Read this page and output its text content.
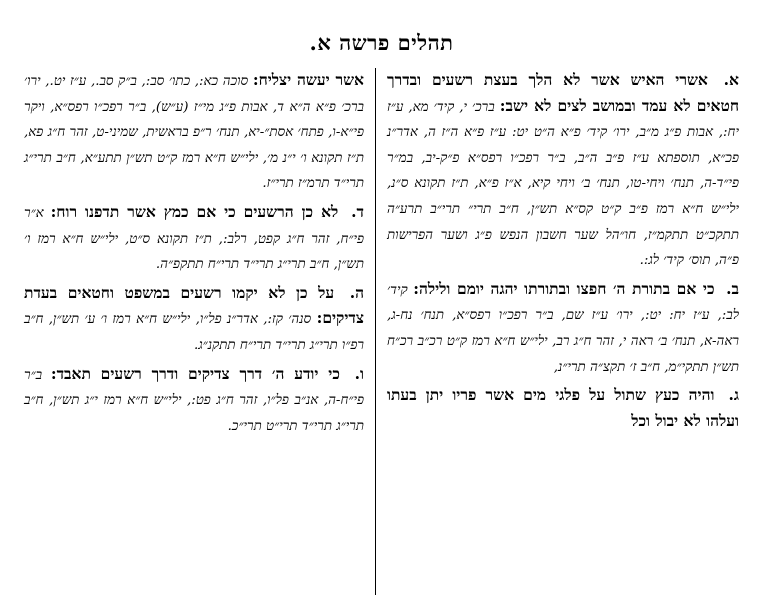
תהלים פרשה א.

א. אשרי האיש אשר לא הלך בעצת רשעים ובדרך חטאים לא עמד ובמושב לצים לא ישב: ברכ׳ י, קיד׳ מא, ע״ז יח:, אבות פ״ג מ״ב, ירו׳ קיד׳ פ״א ה״ט יט: ע״ז פ״א ה״ז ה, אדר״נ פכ״א, תוספתא ע״ז פ״ב ה״ב, ב״ר רפכ״ו רפס״א פ״ק-יב, במ״ר פי״ד-ה, תנח׳ ויחי-טו, תנח׳ ב׳ ויחי קיא, א״ז פ״א, ת״ז תקונא ס״נ, ילי״ש ח״א רמז פ״ב ק״ט קס״א תש״ן, ח״ב תרי״ תרי״ב תרע״ה תתקכ״ט תתקמ״ז, חו״הל שער חשבון הנפש פ״ג ושער הפרישות פ״ה, תוס׳ קיד׳ לג:.

ב. כי אם בתורת ה׳ חפצו ובתורתו יהגה יומם ולילה: קיד׳ לב:, ע״ז יח: יט:, ירו׳ ע״ז שם, ב״ר רפכ״ו רפס״א, תנח׳ נח-ג, ראה-א, תנח׳ ב׳ ראה י, זהר ח״ג רב, ילי״ש ח״א רמז ק״ט רכ״ב רכ״ח תש״ן תתקי״מ, ח״ב ז׳ תקצ״ה תרי״נ,

ג. והיה כעץ שתול על פלגי מים אשר פריו יתן בעתו ועלהו לא יבול וכל

אשר יעשה יצליח: סוכה כא:, כתו׳ סב:, ב״ק סב., ע״ז יט., ירו׳ ברכ׳ פ״א ה״א ד, אבות פ״ג מי״ז (ע״ש), ב״ר רפכ״ו רפס״א, ויקר פי״א-ו, פתח׳ אסת״-יא, תנח׳ ר״פ בראשית, שמיני-ט, זהר ח״ג פא, ת״ז תקונא ו׳ י״נ מ׳, ילי״ש ח״א רמז ק״ט תש״ן תתע״א, ח״ב תרי״ג תרי״ד תרמ״ז תרי״ז.

ד. לא כן הרשעים כי אם כמץ אשר תדפנו רוח: א״ר פי״ח, זהר ח״ג קפט, רלב:, ת״ז תקונא ס״ט, ילי״ש ח״א רמז ו׳ תש״ן, ח״ב תרי״ג תרי״ד תרי״ח תתקפ״ה.

ה. על כן לא יקמו רשעים במשפט וחטאים בעדת צדיקים: סנה׳ קז:, אדר״נ פל״ו, ילי״ש ח״א רמז ו׳ ע׳ תש״ן, ח״ב רפ״ו תרי״ג תרי״ד תרי״ח תתקנ״ג.

ו. כי יודע ה׳ דרך צדיקים ודרך רשעים תאבד: ב״ר פי״ח-ה, אנ״ב פל״ו, זהר ח״ג פט:, ילי״ש ח״א רמז י״ג תש״ן, ח״ב תרי״ג תרי״ד תרי״ט תרי״כ.
